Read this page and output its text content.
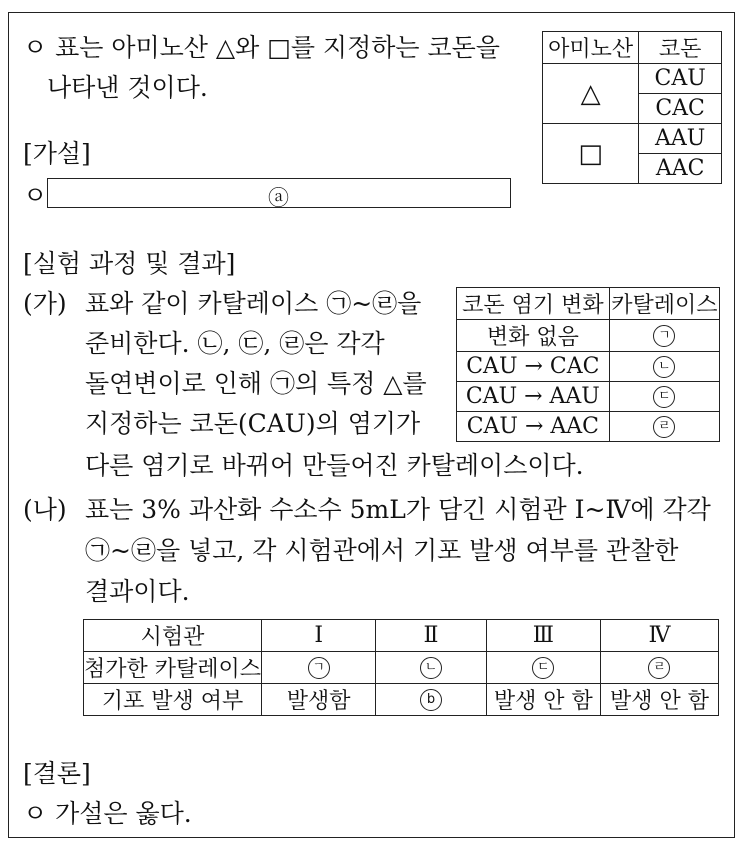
ㅇ 표는 아미노산 △와 □를 지정하는 코돈을
나타낸 것이다.
아미노산	코돈
△	CAU
	CAC
□	AAU
	AAC
[가설]
ㅇ	ⓐ
[실험 과정 및 결과]
(가) 표와 같이 카탈레이스 ㉠~㉣을
준비한다. ㉡, ㉢, ㉣은 각각
돌연변이로 인해 ㉠의 특정 △를
지정하는 코돈(CAU)의 염기가
다른 염기로 바뀌어 만들어진 카탈레이스이다.
코돈 염기 변화	카탈레이스
변화 없음	ㄱ
CAU → CAC	ㄴ
CAU → AAU	ㄷ
CAU → AAC	ㄹ
(나) 표는 3% 과산화 수소수 5mL가 담긴 시험관 Ⅰ~Ⅳ에 각각
㉠~㉣을 넣고, 각 시험관에서 기포 발생 여부를 관찰한
결과이다.
시험관	Ⅰ	Ⅱ	Ⅲ	Ⅳ
첨가한 카탈레이스	ㄱ	ㄴ	ㄷ	ㄹ
기포 발생 여부	발생함	b	발생 안 함	발생 안 함
[결론]
ㅇ 가설은 옳다.
